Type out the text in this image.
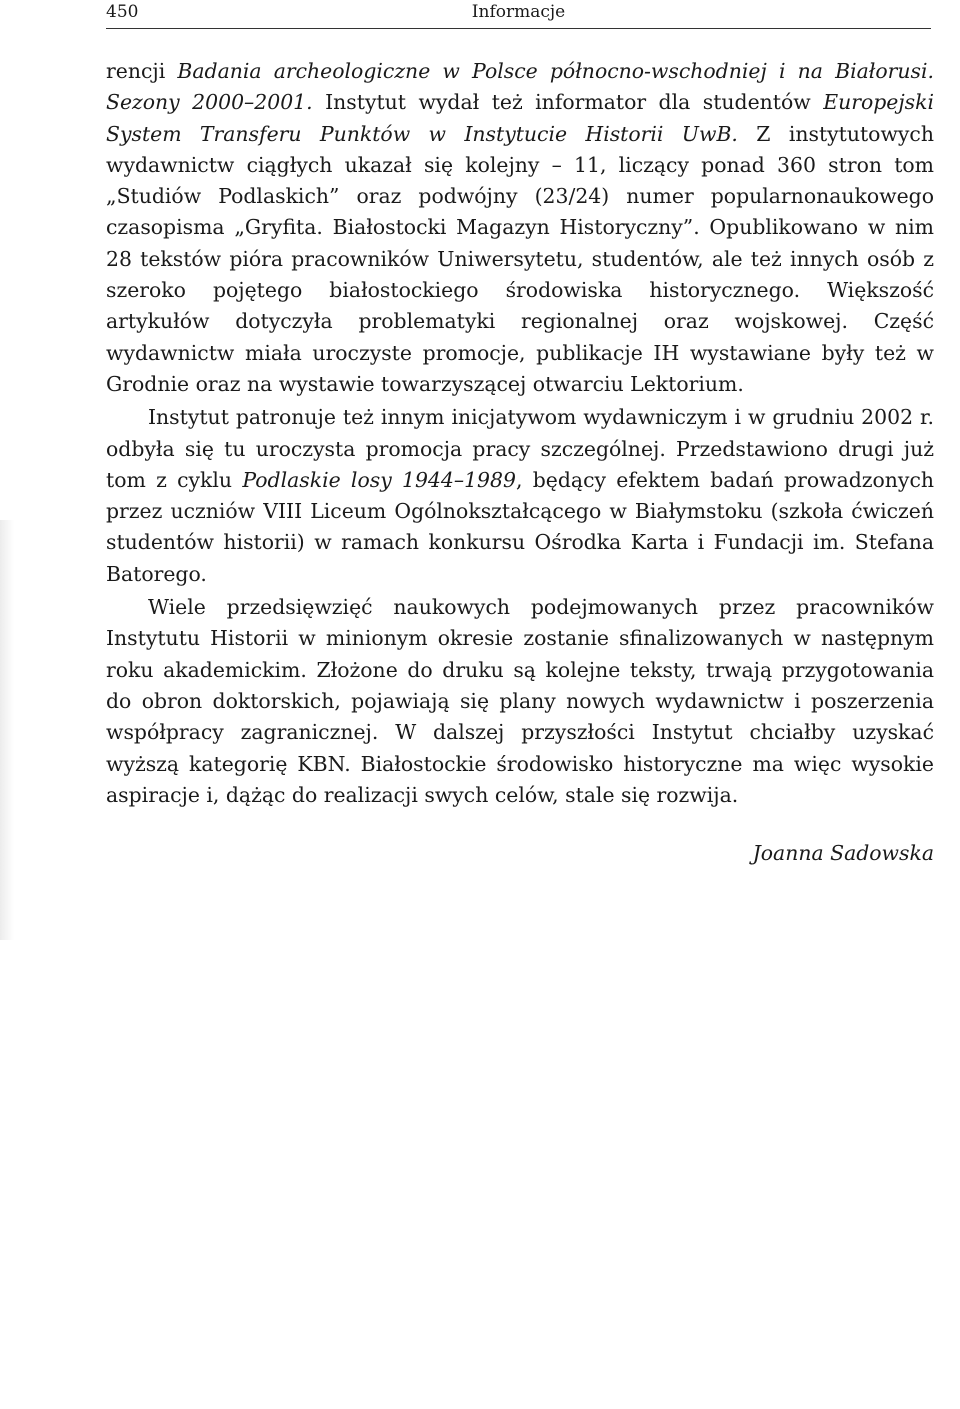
450	Informacje

rencji Badania archeologiczne w Polsce północno-wschodniej i na Białorusi. Sezony 2000–2001. Instytut wydał też informator dla studentów Europejski System Transferu Punktów w Instytucie Historii UwB. Z instytutowych wydawnictw ciągłych ukazał się kolejny – 11, liczący ponad 360 stron tom „Studiów Podlaskich” oraz podwójny (23/24) numer popularnonaukowego czasopisma „Gryfita. Białostocki Magazyn Historyczny”. Opublikowano w nim 28 tekstów pióra pracowników Uniwersytetu, studentów, ale też innych osób z szeroko pojętego białostockiego środowiska historycznego. Większość artykułów dotyczyła problematyki regionalnej oraz wojskowej. Część wydawnictw miała uroczyste promocje, publikacje IH wystawiane były też w Grodnie oraz na wystawie towarzyszącej otwarciu Lektorium.

Instytut patronuje też innym inicjatywom wydawniczym i w grudniu 2002 r. odbyła się tu uroczysta promocja pracy szczególnej. Przedstawiono drugi już tom z cyklu Podlaskie losy 1944–1989, będący efektem badań prowadzonych przez uczniów VIII Liceum Ogólnokształcącego w Białymstoku (szkoła ćwiczeń studentów historii) w ramach konkursu Ośrodka Karta i Fundacji im. Stefana Batorego.

Wiele przedsięwzięć naukowych podejmowanych przez pracowników Instytutu Historii w minionym okresie zostanie sfinalizowanych w następnym roku akademickim. Złożone do druku są kolejne teksty, trwają przygotowania do obron doktorskich, pojawiają się plany nowych wydawnictw i poszerzenia współpracy zagranicznej. W dalszej przyszłości Instytut chciałby uzyskać wyższą kategorię KBN. Białostockie środowisko historyczne ma więc wysokie aspiracje i, dążąc do realizacji swych celów, stale się rozwija.

Joanna Sadowska
